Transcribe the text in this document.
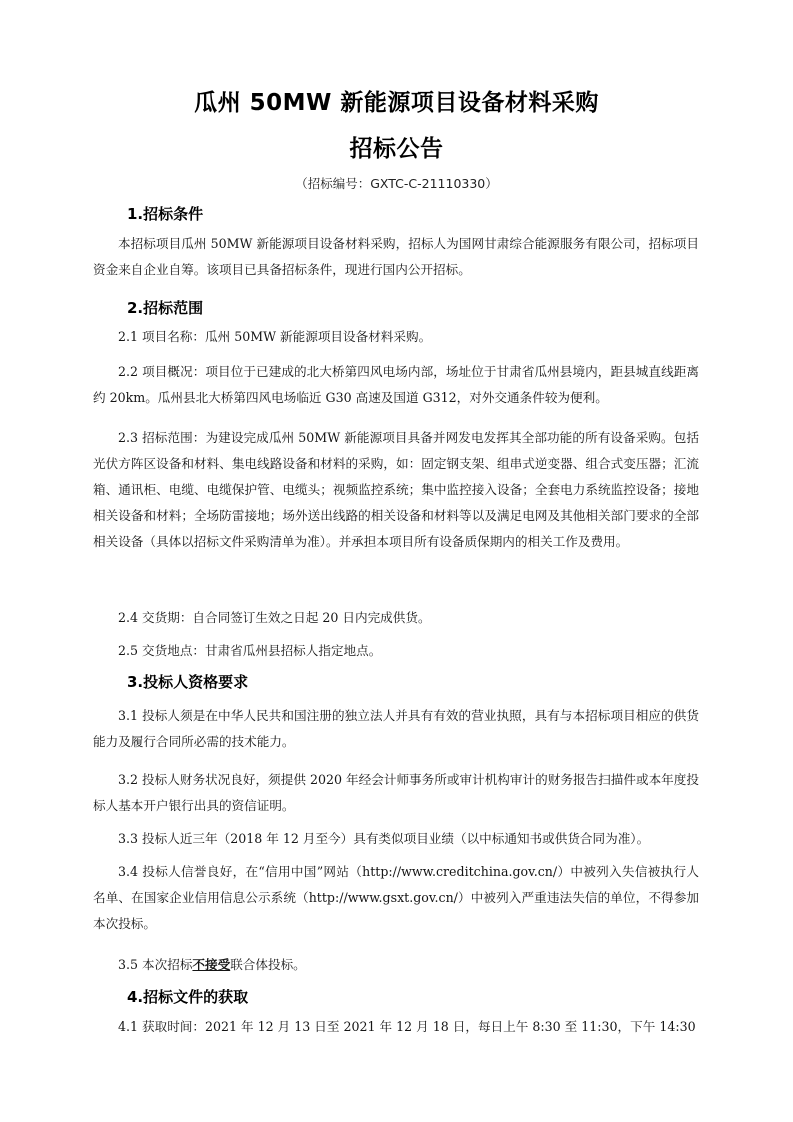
瓜州 50MW 新能源项目设备材料采购
招标公告
（招标编号：GXTC-C-21110330）
1.招标条件
本招标项目瓜州 50MW 新能源项目设备材料采购，招标人为国网甘肃综合能源服务有限公司，招标项目资金来自企业自筹。该项目已具备招标条件，现进行国内公开招标。
2.招标范围
2.1 项目名称：瓜州 50MW 新能源项目设备材料采购。
2.2 项目概况：项目位于已建成的北大桥第四风电场内部，场址位于甘肃省瓜州县境内，距县城直线距离约 20km。瓜州县北大桥第四风电场临近 G30 高速及国道 G312，对外交通条件较为便利。
2.3 招标范围：为建设完成瓜州 50MW 新能源项目具备并网发电发挥其全部功能的所有设备采购。包括光伏方阵区设备和材料、集电线路设备和材料的采购，如：固定钢支架、组串式逆变器、组合式变压器；汇流箱、通讯柜、电缆、电缆保护管、电缆头；视频监控系统；集中监控接入设备；全套电力系统监控设备；接地相关设备和材料；全场防雷接地；场外送出线路的相关设备和材料等以及满足电网及其他相关部门要求的全部相关设备（具体以招标文件采购清单为准）。并承担本项目所有设备质保期内的相关工作及费用。
2.4 交货期：自合同签订生效之日起 20 日内完成供货。
2.5 交货地点：甘肃省瓜州县招标人指定地点。
3.投标人资格要求
3.1 投标人须是在中华人民共和国注册的独立法人并具有有效的营业执照，具有与本招标项目相应的供货能力及履行合同所必需的技术能力。
3.2 投标人财务状况良好，须提供 2020 年经会计师事务所或审计机构审计的财务报告扫描件或本年度投标人基本开户银行出具的资信证明。
3.3 投标人近三年（2018 年 12 月至今）具有类似项目业绩（以中标通知书或供货合同为准）。
3.4 投标人信誉良好，在“信用中国”网站（http://www.creditchina.gov.cn/）中被列入失信被执行人名单、在国家企业信用信息公示系统（http://www.gsxt.gov.cn/）中被列入严重违法失信的单位，不得参加本次投标。
3.5 本次招标不接受联合体投标。
4.招标文件的获取
4.1 获取时间：2021 年 12 月 13 日至 2021 年 12 月 18 日，每日上午 8:30 至 11:30，下午 14:30
